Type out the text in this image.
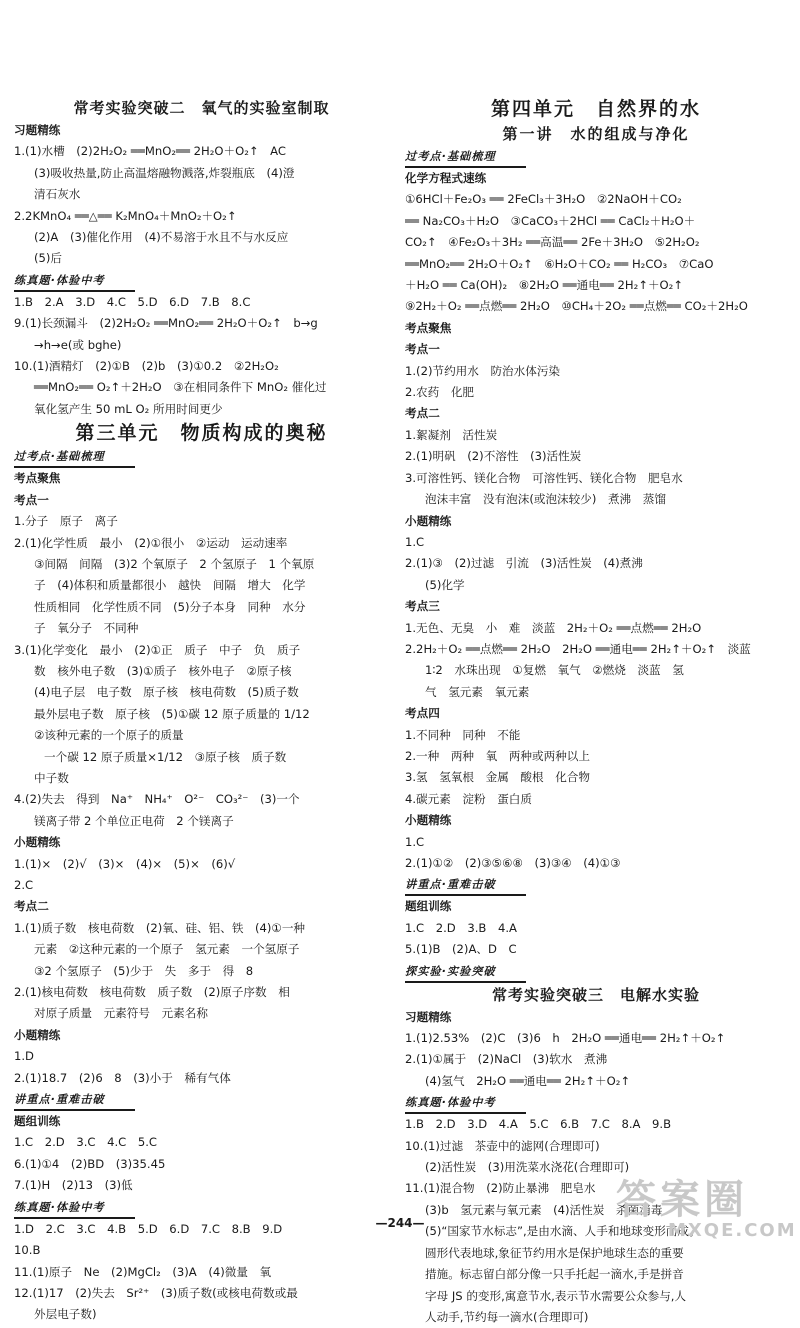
常考实验突破二　氧气的实验室制取
习题精练
1.(1)水槽　(2)2H₂O₂ ══MnO₂══ 2H₂O＋O₂↑　AC
(3)吸收热量,防止高温熔融物溅落,炸裂瓶底　(4)澄
清石灰水
2.2KMnO₄ ══△══ K₂MnO₄＋MnO₂＋O₂↑
(2)A　(3)催化作用　(4)不易溶于水且不与水反应
(5)后
练真题·体验中考
1.B　2.A　3.D　4.C　5.D　6.D　7.B　8.C
9.(1)长颈漏斗　(2)2H₂O₂ ══MnO₂══ 2H₂O＋O₂↑　b→g
→h→e(或 bghe)
10.(1)酒精灯　(2)①B　(2)b　(3)①0.2　②2H₂O₂
══MnO₂══ O₂↑＋2H₂O　③在相同条件下 MnO₂ 催化过
氧化氢产生 50 mL O₂ 所用时间更少
第三单元　物质构成的奥秘
过考点·基础梳理
考点聚焦
考点一
1.分子　原子　离子
2.(1)化学性质　最小　(2)①很小　②运动　运动速率
③间隔　间隔　(3)2 个氧原子　2 个氢原子　1 个氧原
子　(4)体积和质量都很小　越快　间隔　增大　化学
性质相同　化学性质不同　(5)分子本身　同种　水分
子　氧分子　不同种
3.(1)化学变化　最小　(2)①正　质子　中子　负　质子
数　核外电子数　(3)①质子　核外电子　②原子核
(4)电子层　电子数　原子核　核电荷数　(5)质子数
最外层电子数　原子核　(5)①碳 12 原子质量的 1/12
②该种元素的一个原子的质量
一个碳 12 原子质量×1/12　③原子核　质子数
中子数
4.(2)失去　得到　Na⁺　NH₄⁺　O²⁻　CO₃²⁻　(3)一个
镁离子带 2 个单位正电荷　2 个镁离子
小题精练
1.(1)×　(2)√　(3)×　(4)×　(5)×　(6)√
2.C
考点二
1.(1)质子数　核电荷数　(2)氧、硅、铝、铁　(4)①一种
元素　②这种元素的一个原子　氢元素　一个氢原子
③2 个氢原子　(5)少于　失　多于　得　8
2.(1)核电荷数　核电荷数　质子数　(2)原子序数　相
对原子质量　元素符号　元素名称
小题精练
1.D
2.(1)18.7　(2)6　8　(3)小于　稀有气体
讲重点·重难击破
题组训练
1.C　2.D　3.C　4.C　5.C
6.(1)①4　(2)BD　(3)35.45
7.(1)H　(2)13　(3)低
练真题·体验中考
1.D　2.C　3.C　4.B　5.D　6.D　7.C　8.B　9.D
10.B
11.(1)原子　Ne　(2)MgCl₂　(3)A　(4)微量　氧
12.(1)17　(2)失去　Sr²⁺　(3)质子数(或核电荷数或最
外层电子数)
第四单元　自然界的水
第一讲　水的组成与净化
过考点·基础梳理
化学方程式速练
①6HCl＋Fe₂O₃ ══ 2FeCl₃＋3H₂O　②2NaOH＋CO₂
══ Na₂CO₃＋H₂O　③CaCO₃＋2HCl ══ CaCl₂＋H₂O＋
CO₂↑　④Fe₂O₃＋3H₂ ══高温══ 2Fe＋3H₂O　⑤2H₂O₂
══MnO₂══ 2H₂O＋O₂↑　⑥H₂O＋CO₂ ══ H₂CO₃　⑦CaO
＋H₂O ══ Ca(OH)₂　⑧2H₂O ══通电══ 2H₂↑＋O₂↑
⑨2H₂＋O₂ ══点燃══ 2H₂O　⑩CH₄＋2O₂ ══点燃══ CO₂＋2H₂O
考点聚焦
考点一
1.(2)节约用水　防治水体污染
2.农药　化肥
考点二
1.絮凝剂　活性炭
2.(1)明矾　(2)不溶性　(3)活性炭
3.可溶性钙、镁化合物　可溶性钙、镁化合物　肥皂水
泡沫丰富　没有泡沫(或泡沫较少)　煮沸　蒸馏
小题精练
1.C
2.(1)③　(2)过滤　引流　(3)活性炭　(4)煮沸
(5)化学
考点三
1.无色、无臭　小　难　淡蓝　2H₂＋O₂ ══点燃══ 2H₂O
2.2H₂＋O₂ ══点燃══ 2H₂O　2H₂O ══通电══ 2H₂↑＋O₂↑　淡蓝
1∶2　水珠出现　①复燃　氧气　②燃烧　淡蓝　氢
气　氢元素　氧元素
考点四
1.不同种　同种　不能
2.一种　两种　氧　两种或两种以上
3.氢　氢氧根　金属　酸根　化合物
4.碳元素　淀粉　蛋白质
小题精练
1.C
2.(1)①②　(2)③⑤⑥⑧　(3)③④　(4)①③
讲重点·重难击破
题组训练
1.C　2.D　3.B　4.A
5.(1)B　(2)A、D　C
探实验·实验突破
常考实验突破三　电解水实验
习题精练
1.(1)2.53%　(2)C　(3)6　h　2H₂O ══通电══ 2H₂↑＋O₂↑
2.(1)①属于　(2)NaCl　(3)软水　煮沸
(4)氢气　2H₂O ══通电══ 2H₂↑＋O₂↑
练真题·体验中考
1.B　2.D　3.D　4.A　5.C　6.B　7.C　8.A　9.B
10.(1)过滤　茶壶中的滤网(合理即可)
(2)活性炭　(3)用洗菜水浇花(合理即可)
11.(1)混合物　(2)防止暴沸　肥皂水
(3)b　氢元素与氧元素　(4)活性炭　杀菌消毒
(5)“国家节水标志”,是由水滴、人手和地球变形而成。
圆形代表地球,象征节约用水是保护地球生态的重要
措施。标志留白部分像一只手托起一滴水,手是拼音
字母 JS 的变形,寓意节水,表示节水需要公众参与,人
人动手,节约每一滴水(合理即可)
—244—	答案圈
MXQE.COM
